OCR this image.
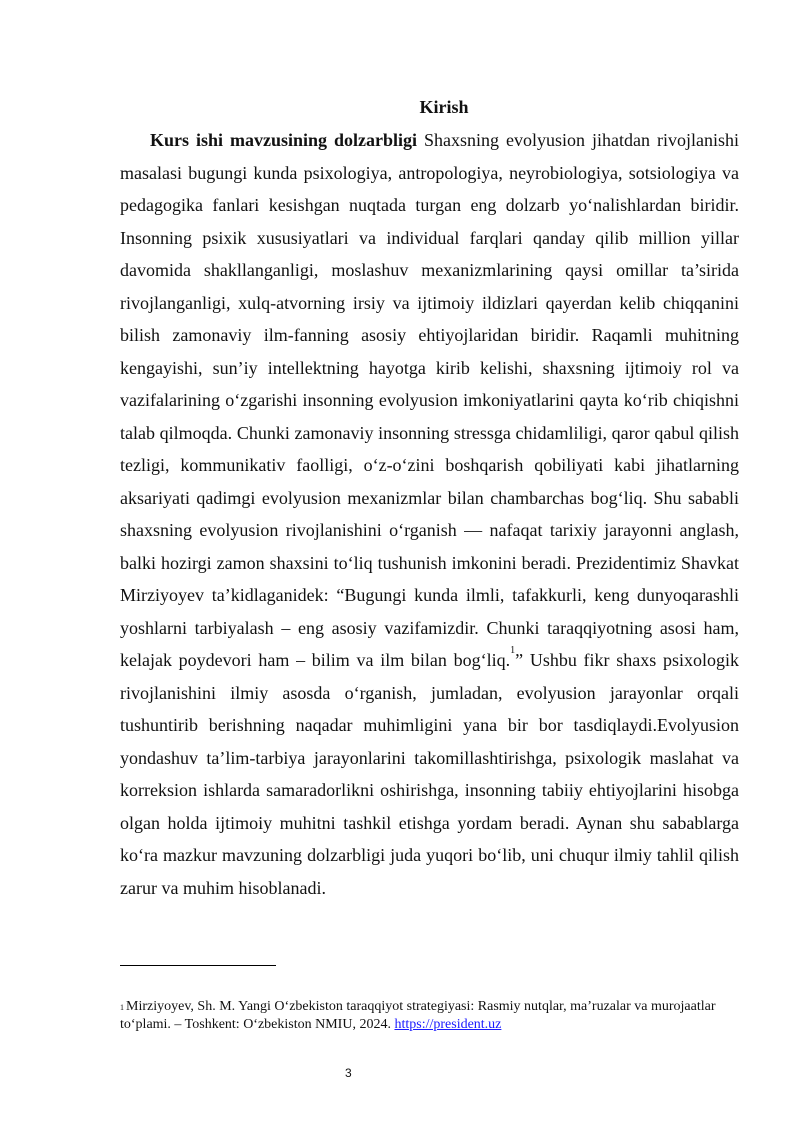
Kirish

Kurs ishi mavzusining dolzarbligi Shaxsning evolyusion jihatdan rivojlanishi masalasi bugungi kunda psixologiya, antropologiya, neyrobiologiya, sotsiologiya va pedagogika fanlari kesishgan nuqtada turgan eng dolzarb yo‘nalishlardan biridir. Insonning psixik xususiyatlari va individual farqlari qanday qilib million yillar davomida shakllanganligi, moslashuv mexanizmlarining qaysi omillar ta’sirida rivojlanganligi, xulq-atvorning irsiy va ijtimoiy ildizlari qayerdan kelib chiqqanini bilish zamonaviy ilm-fanning asosiy ehtiyojlaridan biridir. Raqamli muhitning kengayishi, sun’iy intellektning hayotga kirib kelishi, shaxsning ijtimoiy rol va vazifalarining o‘zgarishi insonning evolyusion imkoniyatlarini qayta ko‘rib chiqishni talab qilmoqda. Chunki zamonaviy insonning stressga chidamliligi, qaror qabul qilish tezligi, kommunikativ faolligi, o‘z-o‘zini boshqarish qobiliyati kabi jihatlarning aksariyati qadimgi evolyusion mexanizmlar bilan chambarchas bog‘liq. Shu sababli shaxsning evolyusion rivojlanishini o‘rganish — nafaqat tarixiy jarayonni anglash, balki hozirgi zamon shaxsini to‘liq tushunish imkonini beradi. Prezidentimiz Shavkat Mirziyoyev ta’kidlaganidek: “Bugungi kunda ilmli, tafakkurli, keng dunyoqarashli yoshlarni tarbiyalash – eng asosiy vazifamizdir. Chunki taraqqiyotning asosi ham, kelajak poydevori ham – bilim va ilm bilan bog‘liq.$^1$” Ushbu fikr shaxs psixologik rivojlanishini ilmiy asosda o‘rganish, jumladan, evolyusion jarayonlar orqali tushuntirib berishning naqadar muhimligini yana bir bor tasdiqlaydi.Evolyusion yondashuv ta’lim-tarbiya jarayonlarini takomillashtirishga, psixologik maslahat va korreksion ishlarda samaradorlikni oshirishga, insonning tabiiy ehtiyojlarini hisobga olgan holda ijtimoiy muhitni tashkil etishga yordam beradi. Aynan shu sabablarga ko‘ra mazkur mavzuning dolzarbligi juda yuqori bo‘lib, uni chuqur ilmiy tahlil qilish zarur va muhim hisoblanadi.

$^1$ Mirziyoyev, Sh. M. Yangi O‘zbekiston taraqqiyot strategiyasi: Rasmiy nutqlar, ma’ruzalar va murojaatlar to‘plami. – Toshkent: O‘zbekiston NMIU, 2024. https://president.uz

3
